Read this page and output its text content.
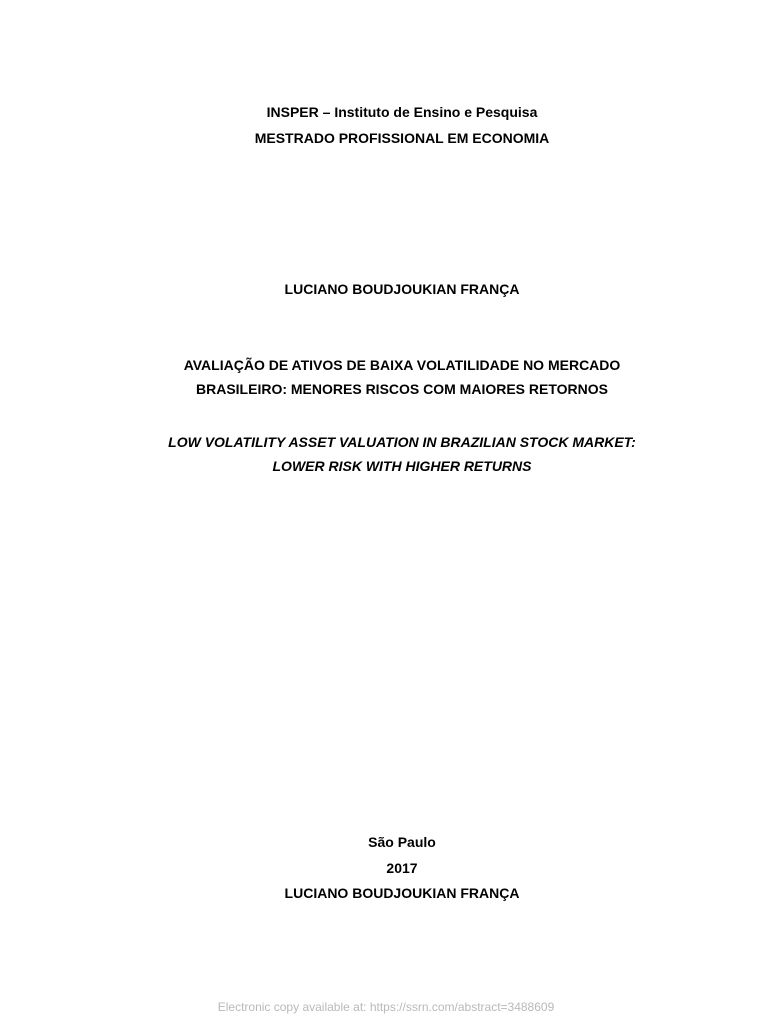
INSPER – Instituto de Ensino e Pesquisa
MESTRADO PROFISSIONAL EM ECONOMIA
LUCIANO BOUDJOUKIAN FRANÇA
AVALIAÇÃO DE ATIVOS DE BAIXA VOLATILIDADE NO MERCADO
BRASILEIRO: MENORES RISCOS COM MAIORES RETORNOS
LOW VOLATILITY ASSET VALUATION IN BRAZILIAN STOCK MARKET:
LOWER RISK WITH HIGHER RETURNS
São Paulo
2017
LUCIANO BOUDJOUKIAN FRANÇA
Electronic copy available at: https://ssrn.com/abstract=3488609
